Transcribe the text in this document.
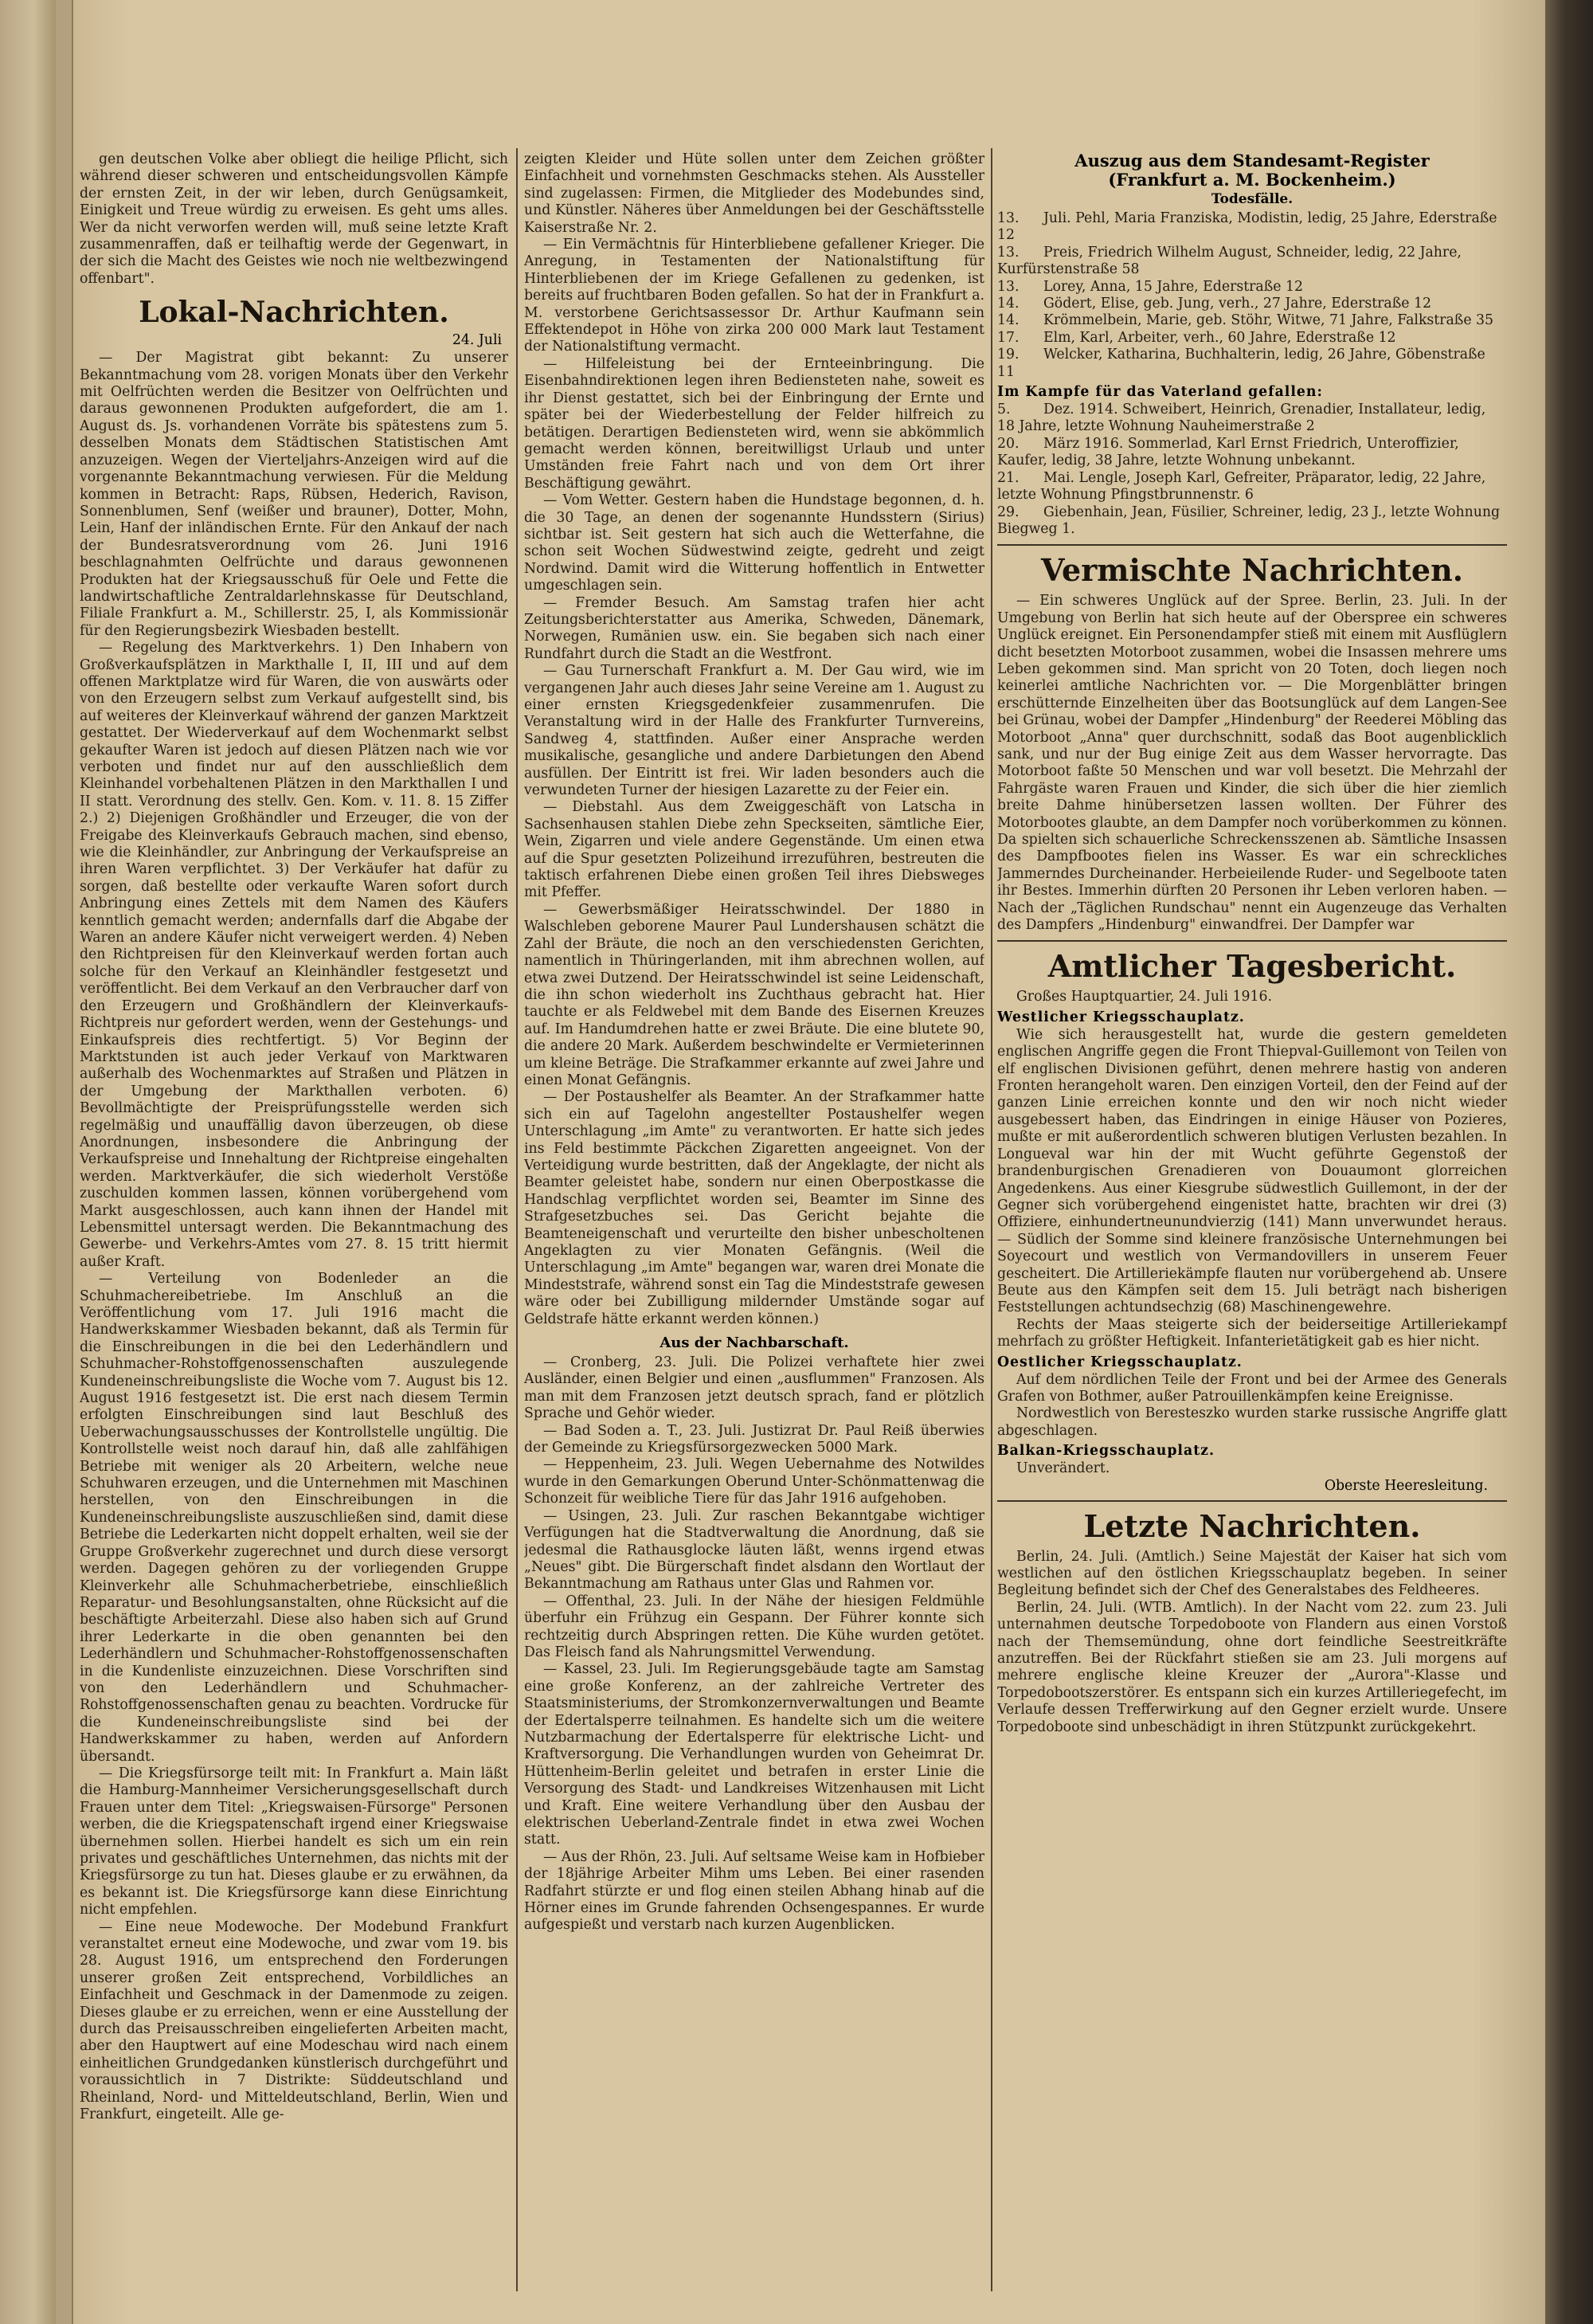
gen deutschen Volke aber obliegt die heilige Pflicht, sich während dieser schweren und entscheidungsvollen Kämpfe der ernsten Zeit, in der wir leben, durch Genügsamkeit, Einigkeit und Treue würdig zu erweisen. Es geht ums alles. Wer da nicht verworfen werden will, muß seine letzte Kraft zusammenraffen, daß er teilhaftig werde der Gegenwart, in der sich die Macht des Geistes wie noch nie weltbezwingend offenbart".

Lokal-Nachrichten.
24. Juli

— Der Magistrat gibt bekannt: Zu unserer Bekanntmachung vom 28. vorigen Monats über den Verkehr mit Oelfrüchten werden die Besitzer von Oelfrüchten und daraus gewonnenen Produkten aufgefordert, die am 1. August ds. Js. vorhandenen Vorräte bis spätestens zum 5. desselben Monats dem Städtischen Statistischen Amt anzuzeigen. Wegen der Vierteljahrs-Anzeigen wird auf die vorgenannte Bekanntmachung verwiesen. Für die Meldung kommen in Betracht: Raps, Rübsen, Hederich, Ravison, Sonnenblumen, Senf (weißer und brauner), Dotter, Mohn, Lein, Hanf der inländischen Ernte. Für den Ankauf der nach der Bundesratsverordnung vom 26. Juni 1916 beschlagnahmten Oelfrüchte und daraus gewonnenen Produkten hat der Kriegsausschuß für Oele und Fette die landwirtschaftliche Zentraldarlehnskasse für Deutschland, Filiale Frankfurt a. M., Schillerstr. 25, I, als Kommissionär für den Regierungsbezirk Wiesbaden bestellt.

— Regelung des Marktverkehrs. 1) Den Inhabern von Großverkaufsplätzen in Markthalle I, II, III und auf dem offenen Marktplatze wird für Waren, die von auswärts oder von den Erzeugern selbst zum Verkauf aufgestellt sind, bis auf weiteres der Kleinverkauf während der ganzen Marktzeit gestattet. Der Wiederverkauf auf dem Wochenmarkt selbst gekaufter Waren ist jedoch auf diesen Plätzen nach wie vor verboten und findet nur auf den ausschließlich dem Kleinhandel vorbehaltenen Plätzen in den Markthallen I und II statt. Verordnung des stellv. Gen. Kom. v. 11. 8. 15 Ziffer 2.) 2) Diejenigen Großhändler und Erzeuger, die von der Freigabe des Kleinverkaufs Gebrauch machen, sind ebenso, wie die Kleinhändler, zur Anbringung der Verkaufspreise an ihren Waren verpflichtet. 3) Der Verkäufer hat dafür zu sorgen, daß bestellte oder verkaufte Waren sofort durch Anbringung eines Zettels mit dem Namen des Käufers kenntlich gemacht werden; andernfalls darf die Abgabe der Waren an andere Käufer nicht verweigert werden. 4) Neben den Richtpreisen für den Kleinverkauf werden fortan auch solche für den Verkauf an Kleinhändler festgesetzt und veröffentlicht. Bei dem Verkauf an den Verbraucher darf von den Erzeugern und Großhändlern der Kleinverkaufs-Richtpreis nur gefordert werden, wenn der Gestehungs- und Einkaufspreis dies rechtfertigt. 5) Vor Beginn der Marktstunden ist auch jeder Verkauf von Marktwaren außerhalb des Wochenmarktes auf Straßen und Plätzen in der Umgebung der Markthallen verboten. 6) Bevollmächtigte der Preisprüfungsstelle werden sich regelmäßig und unauffällig davon überzeugen, ob diese Anordnungen, insbesondere die Anbringung der Verkaufspreise und Innehaltung der Richtpreise eingehalten werden. Marktverkäufer, die sich wiederholt Verstöße zuschulden kommen lassen, können vorübergehend vom Markt ausgeschlossen, auch kann ihnen der Handel mit Lebensmittel untersagt werden. Die Bekanntmachung des Gewerbe- und Verkehrs-Amtes vom 27. 8. 15 tritt hiermit außer Kraft.

— Verteilung von Bodenleder an die Schuhmachereibetriebe. Im Anschluß an die Veröffentlichung vom 17. Juli 1916 macht die Handwerkskammer Wiesbaden bekannt, daß als Termin für die Einschreibungen in die bei den Lederhändlern und Schuhmacher-Rohstoffgenossenschaften auszulegende Kundeneinschreibungsliste die Woche vom 7. August bis 12. August 1916 festgesetzt ist. Die erst nach diesem Termin erfolgten Einschreibungen sind laut Beschluß des Ueberwachungsausschusses der Kontrollstelle ungültig. Die Kontrollstelle weist noch darauf hin, daß alle zahlfähigen Betriebe mit weniger als 20 Arbeitern, welche neue Schuhwaren erzeugen, und die Unternehmen mit Maschinen herstellen, von den Einschreibungen in die Kundeneinschreibungsliste auszuschließen sind, damit diese Betriebe die Lederkarten nicht doppelt erhalten, weil sie der Gruppe Großverkehr zugerechnet und durch diese versorgt werden. Dagegen gehören zu der vorliegenden Gruppe Kleinverkehr alle Schuhmacherbetriebe, einschließlich Reparatur- und Besohlungsanstalten, ohne Rücksicht auf die beschäftigte Arbeiterzahl. Diese also haben sich auf Grund ihrer Lederkarte in die oben genannten bei den Lederhändlern und Schuhmacher-Rohstoffgenossenschaften in die Kundenliste einzuzeichnen. Diese Vorschriften sind von den Lederhändlern und Schuhmacher-Rohstoffgenossenschaften genau zu beachten. Vordrucke für die Kundeneinschreibungsliste sind bei der Handwerkskammer zu haben, werden auf Anfordern übersandt.

— Die Kriegsfürsorge teilt mit: In Frankfurt a. Main läßt die Hamburg-Mannheimer Versicherungsgesellschaft durch Frauen unter dem Titel: „Kriegswaisen-Fürsorge" Personen werben, die die Kriegspatenschaft irgend einer Kriegswaise übernehmen sollen. Hierbei handelt es sich um ein rein privates und geschäftliches Unternehmen, das nichts mit der Kriegsfürsorge zu tun hat. Dieses glaube er zu erwähnen, da es bekannt ist. Die Kriegsfürsorge kann diese Einrichtung nicht empfehlen.

— Eine neue Modewoche. Der Modebund Frankfurt veranstaltet erneut eine Modewoche, und zwar vom 19. bis 28. August 1916, um entsprechend den Forderungen unserer großen Zeit entsprechend, Vorbildliches an Einfachheit und Geschmack in der Damenmode zu zeigen. Dieses glaube er zu erreichen, wenn er eine Ausstellung der durch das Preisausschreiben eingelieferten Arbeiten macht, aber den Hauptwert auf eine Modeschau wird nach einem einheitlichen Grundgedanken künstlerisch durchgeführt und voraussichtlich in 7 Distrikte: Süddeutschland und Rheinland, Nord- und Mitteldeutschland, Berlin, Wien und Frankfurt, eingeteilt. Alle ge-

zeigten Kleider und Hüte sollen unter dem Zeichen größter Einfachheit und vornehmsten Geschmacks stehen. Als Aussteller sind zugelassen: Firmen, die Mitglieder des Modebundes sind, und Künstler. Näheres über Anmeldungen bei der Geschäftsstelle Kaiserstraße Nr. 2.

— Ein Vermächtnis für Hinterbliebene gefallener Krieger. Die Anregung, in Testamenten der Nationalstiftung für Hinterbliebenen der im Kriege Gefallenen zu gedenken, ist bereits auf fruchtbaren Boden gefallen. So hat der in Frankfurt a. M. verstorbene Gerichtsassessor Dr. Arthur Kaufmann sein Effektendepot in Höhe von zirka 200 000 Mark laut Testament der Nationalstiftung vermacht.

— Hilfeleistung bei der Ernteeinbringung. Die Eisenbahndirektionen legen ihren Bediensteten nahe, soweit es ihr Dienst gestattet, sich bei der Einbringung der Ernte und später bei der Wiederbestellung der Felder hilfreich zu betätigen. Derartigen Bediensteten wird, wenn sie abkömmlich gemacht werden können, bereitwilligst Urlaub und unter Umständen freie Fahrt nach und von dem Ort ihrer Beschäftigung gewährt.

— Vom Wetter. Gestern haben die Hundstage begonnen, d. h. die 30 Tage, an denen der sogenannte Hundsstern (Sirius) sichtbar ist. Seit gestern hat sich auch die Wetterfahne, die schon seit Wochen Südwestwind zeigte, gedreht und zeigt Nordwind. Damit wird die Witterung hoffentlich in Entwetter umgeschlagen sein.

— Fremder Besuch. Am Samstag trafen hier acht Zeitungsberichterstatter aus Amerika, Schweden, Dänemark, Norwegen, Rumänien usw. ein. Sie begaben sich nach einer Rundfahrt durch die Stadt an die Westfront.

— Gau Turnerschaft Frankfurt a. M. Der Gau wird, wie im vergangenen Jahr auch dieses Jahr seine Vereine am 1. August zu einer ernsten Kriegsgedenkfeier zusammenrufen. Die Veranstaltung wird in der Halle des Frankfurter Turnvereins, Sandweg 4, stattfinden. Außer einer Ansprache werden musikalische, gesangliche und andere Darbietungen den Abend ausfüllen. Der Eintritt ist frei. Wir laden besonders auch die verwundeten Turner der hiesigen Lazarette zu der Feier ein.

— Diebstahl. Aus dem Zweiggeschäft von Latscha in Sachsenhausen stahlen Diebe zehn Speckseiten, sämtliche Eier, Wein, Zigarren und viele andere Gegenstände. Um einen etwa auf die Spur gesetzten Polizeihund irrezuführen, bestreuten die taktisch erfahrenen Diebe einen großen Teil ihres Diebsweges mit Pfeffer.

— Gewerbsmäßiger Heiratsschwindel. Der 1880 in Walschleben geborene Maurer Paul Lundershausen schätzt die Zahl der Bräute, die noch an den verschiedensten Gerichten, namentlich in Thüringerlanden, mit ihm abrechnen wollen, auf etwa zwei Dutzend. Der Heiratsschwindel ist seine Leidenschaft, die ihn schon wiederholt ins Zuchthaus gebracht hat. Hier tauchte er als Feldwebel mit dem Bande des Eisernen Kreuzes auf. Im Handumdrehen hatte er zwei Bräute. Die eine blutete 90, die andere 20 Mark. Außerdem beschwindelte er Vermieterinnen um kleine Beträge. Die Strafkammer erkannte auf zwei Jahre und einen Monat Gefängnis.

— Der Postaushelfer als Beamter. An der Strafkammer hatte sich ein auf Tagelohn angestellter Postaushelfer wegen Unterschlagung „im Amte" zu verantworten. Er hatte sich jedes ins Feld bestimmte Päckchen Zigaretten angeeignet. Von der Verteidigung wurde bestritten, daß der Angeklagte, der nicht als Beamter geleistet habe, sondern nur einen Oberpostkasse die Handschlag verpflichtet worden sei, Beamter im Sinne des Strafgesetzbuches sei. Das Gericht bejahte die Beamteneigenschaft und verurteilte den bisher unbescholtenen Angeklagten zu vier Monaten Gefängnis. (Weil die Unterschlagung „im Amte" begangen war, waren drei Monate die Mindeststrafe, während sonst ein Tag die Mindeststrafe gewesen wäre oder bei Zubilligung mildernder Umstände sogar auf Geldstrafe hätte erkannt werden können.)

Aus der Nachbarschaft.

— Cronberg, 23. Juli. Die Polizei verhaftete hier zwei Ausländer, einen Belgier und einen „ausflummen" Franzosen. Als man mit dem Franzosen jetzt deutsch sprach, fand er plötzlich Sprache und Gehör wieder.

— Bad Soden a. T., 23. Juli. Justizrat Dr. Paul Reiß überwies der Gemeinde zu Kriegsfürsorgezwecken 5000 Mark.

— Heppenheim, 23. Juli. Wegen Uebernahme des Notwildes wurde in den Gemarkungen Oberund Unter-Schönmattenwag die Schonzeit für weibliche Tiere für das Jahr 1916 aufgehoben.

— Usingen, 23. Juli. Zur raschen Bekanntgabe wichtiger Verfügungen hat die Stadtverwaltung die Anordnung, daß sie jedesmal die Rathausglocke läuten läßt, wenns irgend etwas „Neues" gibt. Die Bürgerschaft findet alsdann den Wortlaut der Bekanntmachung am Rathaus unter Glas und Rahmen vor.

— Offenthal, 23. Juli. In der Nähe der hiesigen Feldmühle überfuhr ein Frühzug ein Gespann. Der Führer konnte sich rechtzeitig durch Abspringen retten. Die Kühe wurden getötet. Das Fleisch fand als Nahrungsmittel Verwendung.

— Kassel, 23. Juli. Im Regierungsgebäude tagte am Samstag eine große Konferenz, an der zahlreiche Vertreter des Staatsministeriums, der Stromkonzernverwaltungen und Beamte der Edertalsperre teilnahmen. Es handelte sich um die weitere Nutzbarmachung der Edertalsperre für elektrische Licht- und Kraftversorgung. Die Verhandlungen wurden von Geheimrat Dr. Hüttenheim-Berlin geleitet und betrafen in erster Linie die Versorgung des Stadt- und Landkreises Witzenhausen mit Licht und Kraft. Eine weitere Verhandlung über den Ausbau der elektrischen Ueberland-Zentrale findet in etwa zwei Wochen statt.

— Aus der Rhön, 23. Juli. Auf seltsame Weise kam in Hofbieber der 18jährige Arbeiter Mihm ums Leben. Bei einer rasenden Radfahrt stürzte er und flog einen steilen Abhang hinab auf die Hörner eines im Grunde fahrenden Ochsengespannes. Er wurde aufgespießt und verstarb nach kurzen Augenblicken.

Auszug aus dem Standesamt-Register
(Frankfurt a. M. Bockenheim.)
Todesfälle.
13. Juli. Pehl, Maria Franziska, Modistin, ledig, 25 Jahre, Ederstraße 12
13. Preis, Friedrich Wilhelm August, Schneider, ledig, 22 Jahre, Kurfürstenstraße 58
13. Lorey, Anna, 15 Jahre, Ederstraße 12
14. Gödert, Elise, geb. Jung, verh., 27 Jahre, Ederstraße 12
14. Krömmelbein, Marie, geb. Stöhr, Witwe, 71 Jahre, Falkstraße 35
17. Elm, Karl, Arbeiter, verh., 60 Jahre, Ederstraße 12
19. Welcker, Katharina, Buchhalterin, ledig, 26 Jahre, Göbenstraße 11
Im Kampfe für das Vaterland gefallen:
5. Dez. 1914. Schweibert, Heinrich, Grenadier, Installateur, ledig, 18 Jahre, letzte Wohnung Nauheimerstraße 2
20. März 1916. Sommerlad, Karl Ernst Friedrich, Unteroffizier, Kaufer, ledig, 38 Jahre, letzte Wohnung unbekannt.
21. Mai. Lengle, Joseph Karl, Gefreiter, Präparator, ledig, 22 Jahre, letzte Wohnung Pfingstbrunnenstr. 6
29. Giebenhain, Jean, Füsilier, Schreiner, ledig, 23 J., letzte Wohnung Biegweg 1.
Vermischte Nachrichten.

— Ein schweres Unglück auf der Spree. Berlin, 23. Juli. In der Umgebung von Berlin hat sich heute auf der Oberspree ein schweres Unglück ereignet. Ein Personendampfer stieß mit einem mit Ausflüglern dicht besetzten Motorboot zusammen, wobei die Insassen mehrere ums Leben gekommen sind. Man spricht von 20 Toten, doch liegen noch keinerlei amtliche Nachrichten vor. — Die Morgenblätter bringen erschütternde Einzelheiten über das Bootsunglück auf dem Langen-See bei Grünau, wobei der Dampfer „Hindenburg" der Reederei Möbling das Motorboot „Anna" quer durchschnitt, sodaß das Boot augenblicklich sank, und nur der Bug einige Zeit aus dem Wasser hervorragte. Das Motorboot faßte 50 Menschen und war voll besetzt. Die Mehrzahl der Fahrgäste waren Frauen und Kinder, die sich über die hier ziemlich breite Dahme hinübersetzen lassen wollten. Der Führer des Motorbootes glaubte, an dem Dampfer noch vorüberkommen zu können. Da spielten sich schauerliche Schreckensszenen ab. Sämtliche Insassen des Dampfbootes fielen ins Wasser. Es war ein schreckliches Jammerndes Durcheinander. Herbeieilende Ruder- und Segelboote taten ihr Bestes. Immerhin dürften 20 Personen ihr Leben verloren haben. — Nach der „Täglichen Rundschau" nennt ein Augenzeuge das Verhalten des Dampfers „Hindenburg" einwandfrei. Der Dampfer war

Amtlicher Tagesbericht.

Großes Hauptquartier, 24. Juli 1916.

Westlicher Kriegsschauplatz.

Wie sich herausgestellt hat, wurde die gestern gemeldeten englischen Angriffe gegen die Front Thiepval-Guillemont von Teilen von elf englischen Divisionen geführt, denen mehrere hastig von anderen Fronten herangeholt waren. Den einzigen Vorteil, den der Feind auf der ganzen Linie erreichen konnte und den wir noch nicht wieder ausgebessert haben, das Eindringen in einige Häuser von Pozieres, mußte er mit außerordentlich schweren blutigen Verlusten bezahlen. In Longueval war hin der mit Wucht geführte Gegenstoß der brandenburgischen Grenadieren von Douaumont glorreichen Angedenkens. Aus einer Kiesgrube südwestlich Guillemont, in der der Gegner sich vorübergehend eingenistet hatte, brachten wir drei (3) Offiziere, einhundertneunundvierzig (141) Mann unverwundet heraus. — Südlich der Somme sind kleinere französische Unternehmungen bei Soyecourt und westlich von Vermandovillers in unserem Feuer gescheitert. Die Artilleriekämpfe flauten nur vorübergehend ab. Unsere Beute aus den Kämpfen seit dem 15. Juli beträgt nach bisherigen Feststellungen achtundsechzig (68) Maschinengewehre.

Rechts der Maas steigerte sich der beiderseitige Artilleriekampf mehrfach zu größter Heftigkeit. Infanterietätigkeit gab es hier nicht.

Oestlicher Kriegsschauplatz.

Auf dem nördlichen Teile der Front und bei der Armee des Generals Grafen von Bothmer, außer Patrouillenkämpfen keine Ereignisse.

Nordwestlich von Beresteszko wurden starke russische Angriffe glatt abgeschlagen.

Balkan-Kriegsschauplatz.

Unverändert.

Oberste Heeresleitung.
Letzte Nachrichten.

Berlin, 24. Juli. (Amtlich.) Seine Majestät der Kaiser hat sich vom westlichen auf den östlichen Kriegsschauplatz begeben. In seiner Begleitung befindet sich der Chef des Generalstabes des Feldheeres.

Berlin, 24. Juli. (WTB. Amtlich). In der Nacht vom 22. zum 23. Juli unternahmen deutsche Torpedoboote von Flandern aus einen Vorstoß nach der Themsemündung, ohne dort feindliche Seestreitkräfte anzutreffen. Bei der Rückfahrt stießen sie am 23. Juli morgens auf mehrere englische kleine Kreuzer der „Aurora"-Klasse und Torpedobootszerstörer. Es entspann sich ein kurzes Artilleriegefecht, im Verlaufe dessen Trefferwirkung auf den Gegner erzielt wurde. Unsere Torpedoboote sind unbeschädigt in ihren Stützpunkt zurückgekehrt.
